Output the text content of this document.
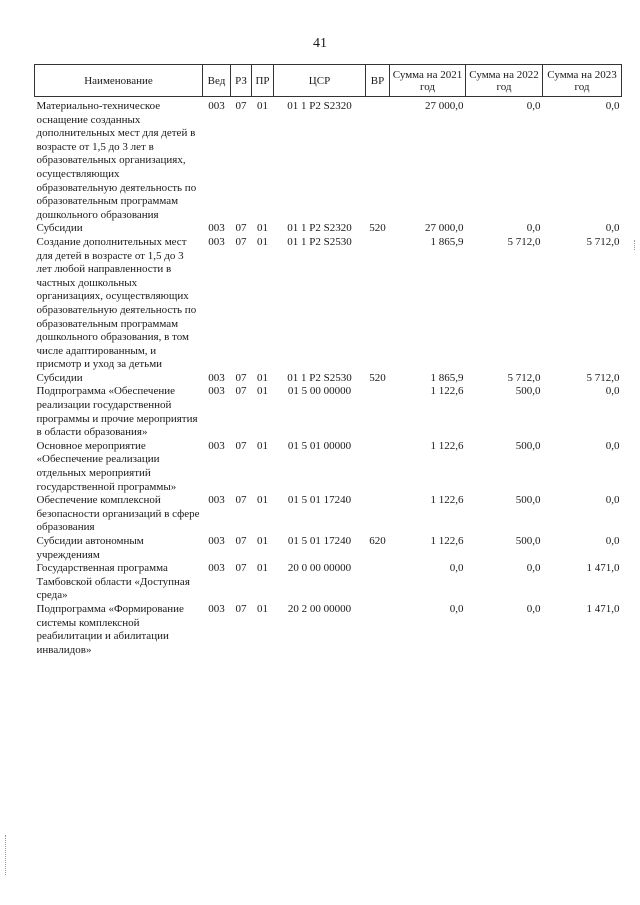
41
Наименование	Вед	РЗ	ПР	ЦСР	ВР	Сумма на 2021 год	Сумма на 2022 год	Сумма на 2023 год
Материально-техническое оснащение созданных дополнительных мест для детей в возрасте от 1,5 до 3 лет в образовательных организациях, осуществляющих образовательную деятельность по образовательным программам дошкольного образования	003	07	01	01 1 P2 S2320		27 000,0	0,0	0,0
Субсидии	003	07	01	01 1 P2 S2320	520	27 000,0	0,0	0,0
Создание дополнительных мест для детей в возрасте от 1,5 до 3 лет любой направленности в частных дошкольных организациях, осуществляющих образовательную деятельность по образовательным программам дошкольного образования, в том числе адаптированным, и присмотр и уход за детьми	003	07	01	01 1 P2 S2530		1 865,9	5 712,0	5 712,0
Субсидии	003	07	01	01 1 P2 S2530	520	1 865,9	5 712,0	5 712,0
Подпрограмма «Обеспечение реализации государственной программы и прочие мероприятия в области образования»	003	07	01	01 5 00 00000		1 122,6	500,0	0,0
Основное мероприятие «Обеспечение реализации отдельных мероприятий государственной программы»	003	07	01	01 5 01 00000		1 122,6	500,0	0,0
Обеспечение комплексной безопасности организаций в сфере образования	003	07	01	01 5 01 17240		1 122,6	500,0	0,0
Субсидии автономным учреждениям	003	07	01	01 5 01 17240	620	1 122,6	500,0	0,0
Государственная программа Тамбовской области «Доступная среда»	003	07	01	20 0 00 00000		0,0	0,0	1 471,0
Подпрограмма «Формирование системы комплексной реабилитации и абилитации инвалидов»	003	07	01	20 2 00 00000		0,0	0,0	1 471,0
